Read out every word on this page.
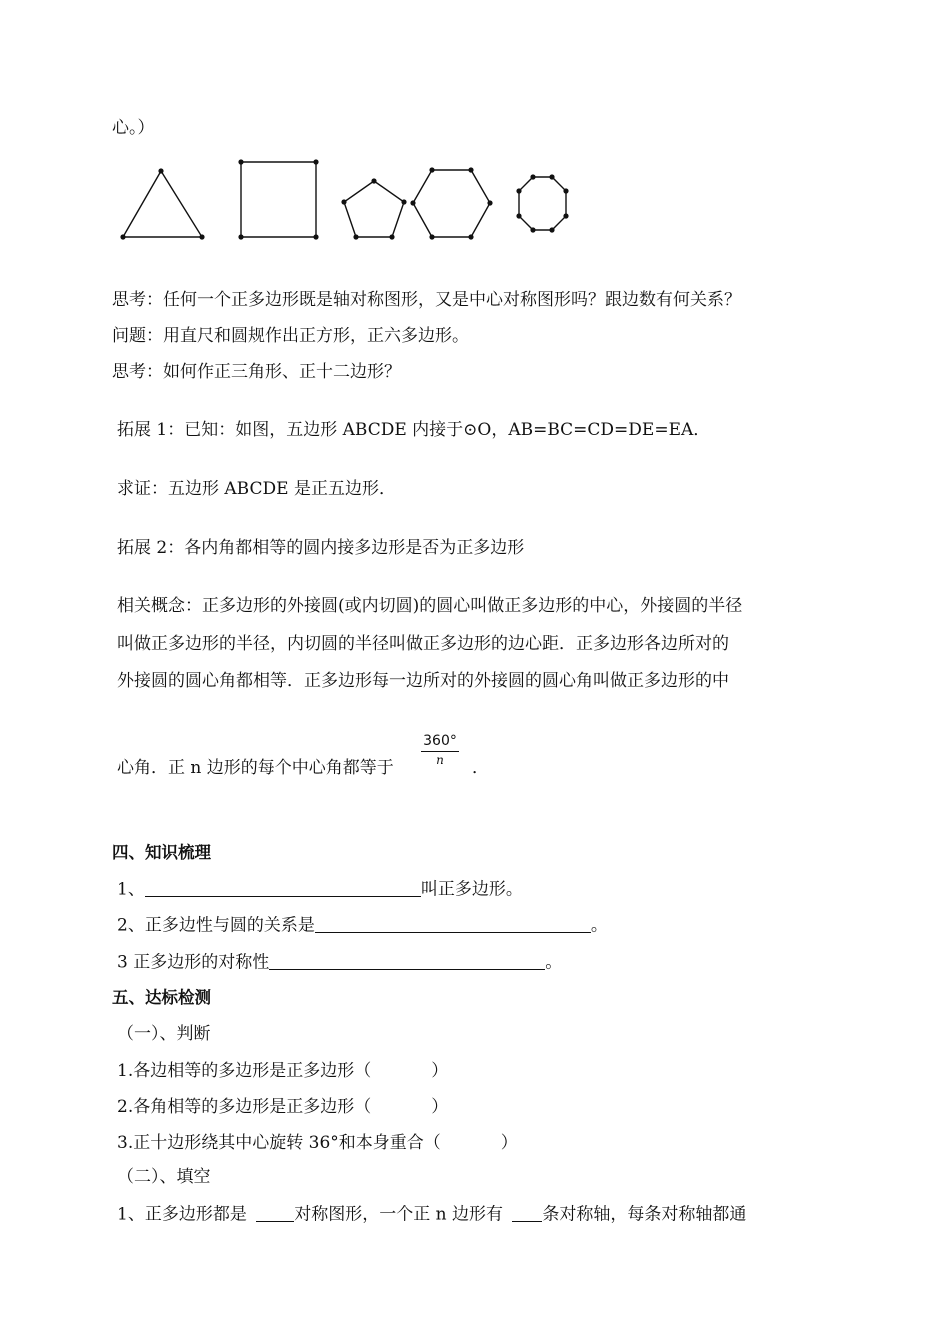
心。）
思考：任何一个正多边形既是轴对称图形，又是中心对称图形吗？跟边数有何关系？
问题：用直尺和圆规作出正方形，正六多边形。
思考：如何作正三角形、正十二边形？
拓展 1：已知：如图，五边形 ABCDE 内接于⊙O，AB=BC=CD=DE=EA．
求证：五边形 ABCDE 是正五边形．
拓展 2：各内角都相等的圆内接多边形是否为正多边形
相关概念：正多边形的外接圆(或内切圆)的圆心叫做正多边形的中心，外接圆的半径
叫做正多边形的半径，内切圆的半径叫做正多边形的边心距．正多边形各边所对的
外接圆的圆心角都相等．正多边形每一边所对的外接圆的圆心角叫做正多边形的中
心角．正 n 边形的每个中心角都等于
360°
n	．
四、知识梳理
1、	叫正多边形。
2、正多边性与圆的关系是	。
3 正多边形的对称性	。
五、达标检测
（一）、判断
1.各边相等的多边形是正多边形（	）
2.各角相等的多边形是正多边形（	）
3.正十边形绕其中心旋转 36°和本身重合（	）
（二）、填空
1、正多边形都是 对称图形，一个正 n 边形有 条对称轴，每条对称轴都通
